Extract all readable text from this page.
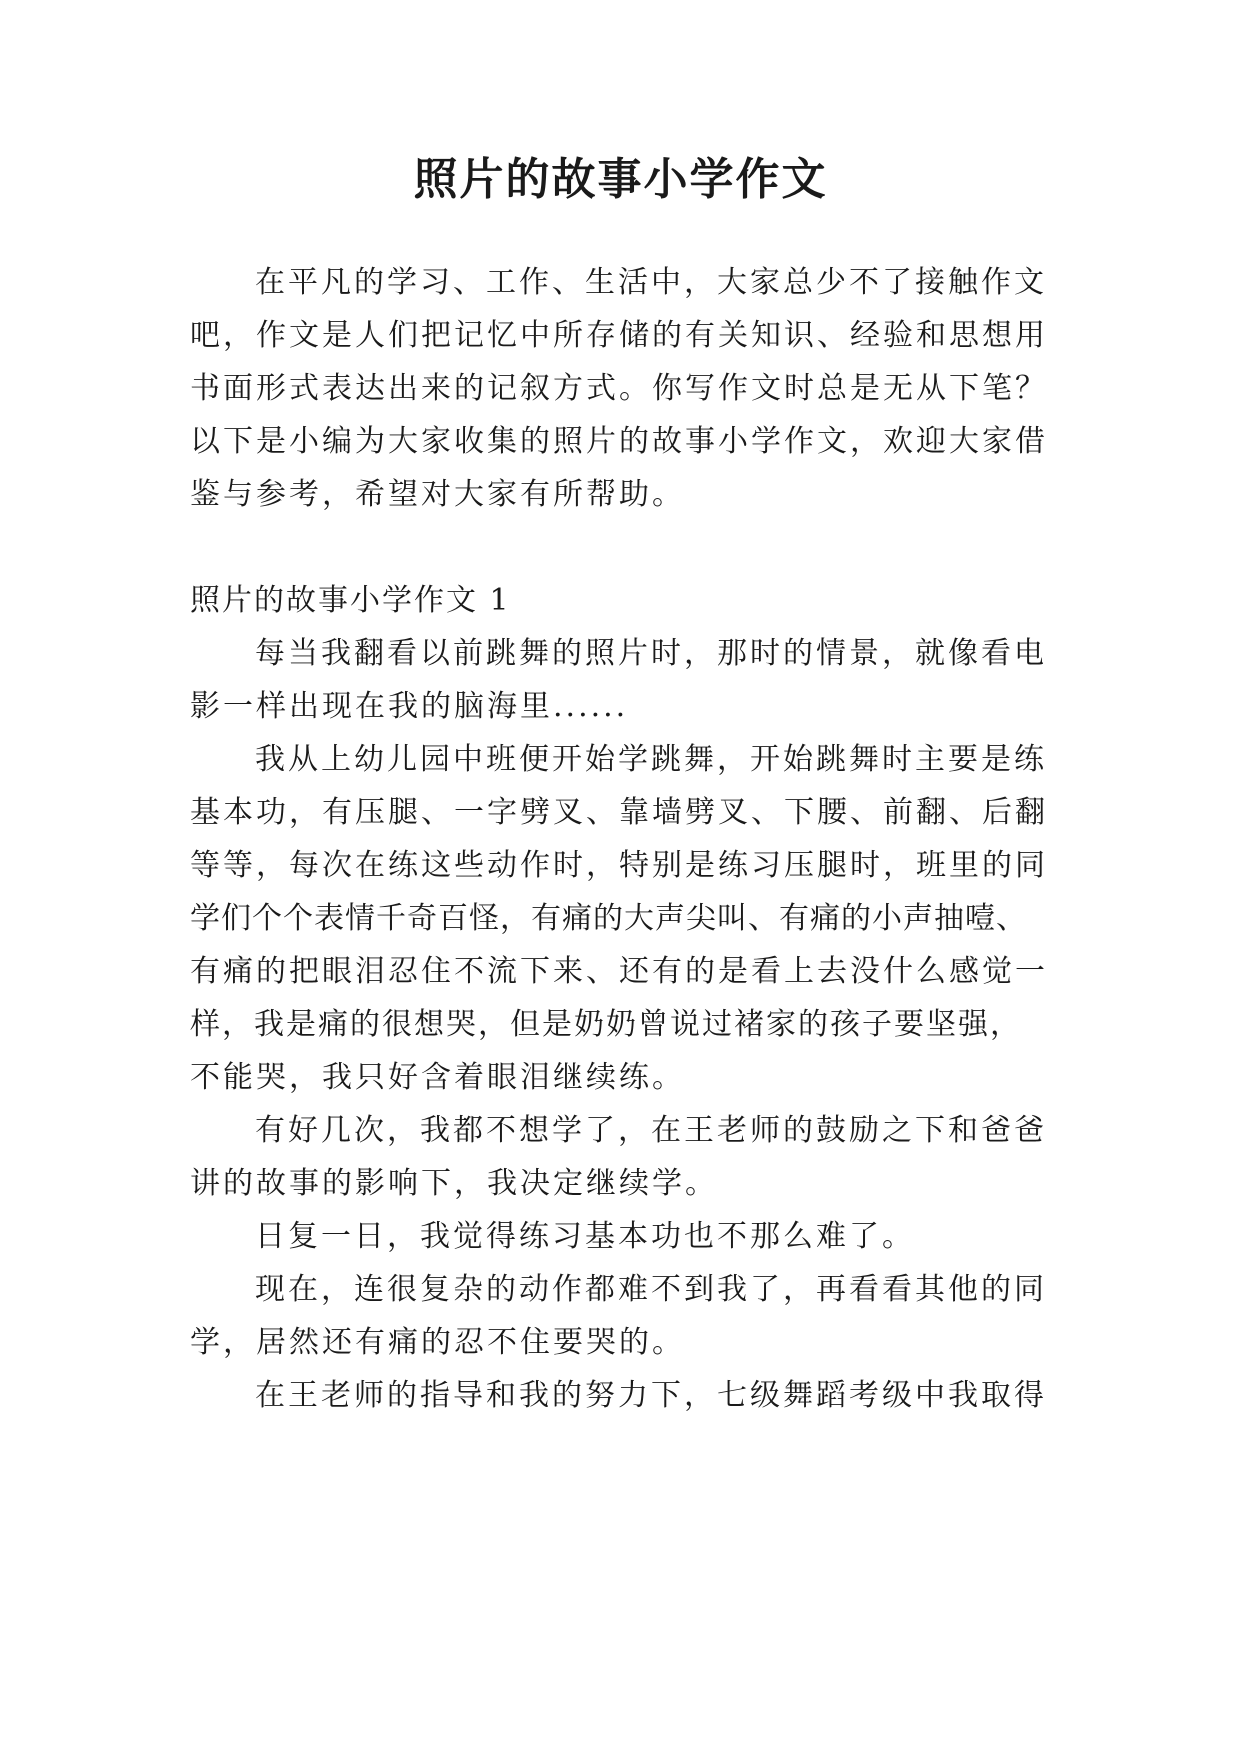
照片的故事小学作文

在平凡的学习、工作、生活中，大家总少不了接触作文

吧，作文是人们把记忆中所存储的有关知识、经验和思想用

书面形式表达出来的记叙方式。你写作文时总是无从下笔？

以下是小编为大家收集的照片的故事小学作文，欢迎大家借

鉴与参考，希望对大家有所帮助。

照片的故事小学作文 1

每当我翻看以前跳舞的照片时，那时的情景，就像看电

影一样出现在我的脑海里......

我从上幼儿园中班便开始学跳舞，开始跳舞时主要是练

基本功，有压腿、一字劈叉、靠墙劈叉、下腰、前翻、后翻

等等，每次在练这些动作时，特别是练习压腿时，班里的同

学们个个表情千奇百怪，有痛的大声尖叫、有痛的小声抽噎、

有痛的把眼泪忍住不流下来、还有的是看上去没什么感觉一

样，我是痛的很想哭，但是奶奶曾说过褚家的孩子要坚强，

不能哭，我只好含着眼泪继续练。

有好几次，我都不想学了，在王老师的鼓励之下和爸爸

讲的故事的影响下，我决定继续学。

日复一日，我觉得练习基本功也不那么难了。

现在，连很复杂的动作都难不到我了，再看看其他的同

学，居然还有痛的忍不住要哭的。

在王老师的指导和我的努力下，七级舞蹈考级中我取得
